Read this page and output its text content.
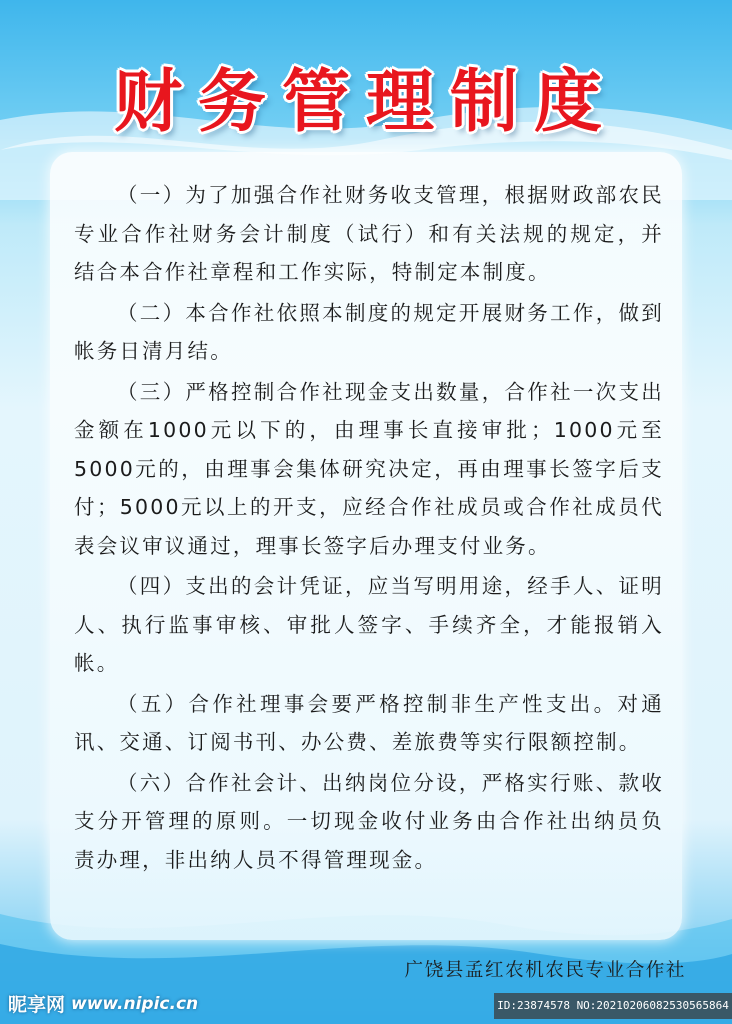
财务管理制度

（一）为了加强合作社财务收支管理，根据财政部农民专业合作社财务会计制度（试行）和有关法规的规定，并结合本合作社章程和工作实际，特制定本制度。

（二）本合作社依照本制度的规定开展财务工作，做到帐务日清月结。

（三）严格控制合作社现金支出数量，合作社一次支出金额在1000元以下的，由理事长直接审批；1000元至5000元的，由理事会集体研究决定，再由理事长签字后支付；5000元以上的开支，应经合作社成员或合作社成员代表会议审议通过，理事长签字后办理支付业务。

（四）支出的会计凭证，应当写明用途，经手人、证明人、执行监事审核、审批人签字、手续齐全，才能报销入帐。

（五）合作社理事会要严格控制非生产性支出。对通讯、交通、订阅书刊、办公费、差旅费等实行限额控制。

（六）合作社会计、出纳岗位分设，严格实行账、款收支分开管理的原则。一切现金收付业务由合作社出纳员负责办理，非出纳人员不得管理现金。

广饶县孟红农机农民专业合作社
昵享网 www.nipic.cn	ID:23874578 NO:20210206082530565864
